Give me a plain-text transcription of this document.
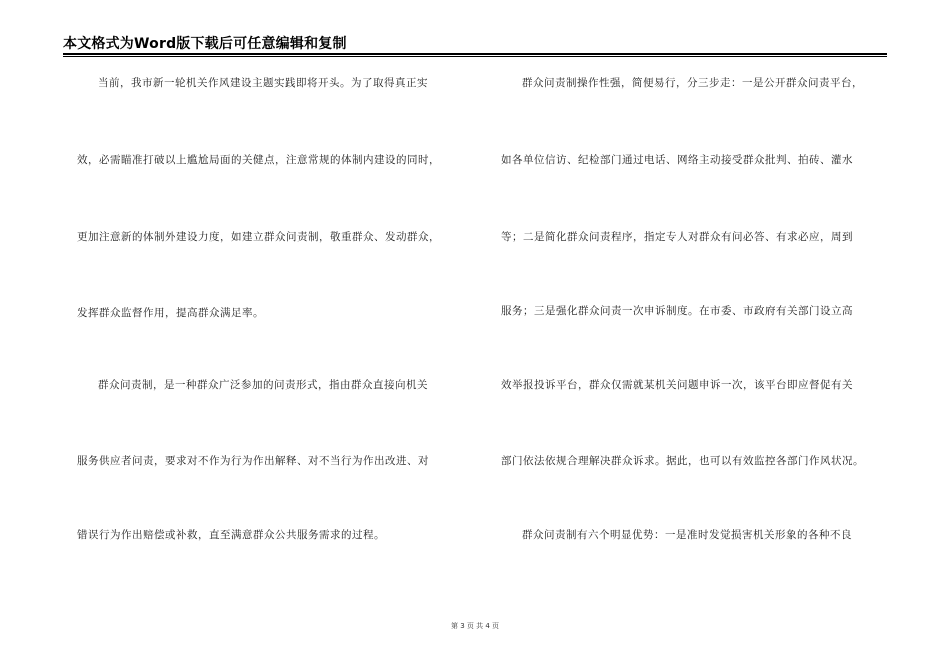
本文格式为Word版下载后可任意编辑和复制
当前，我市新一轮机关作风建设主题实践即将开头。为了取得真正实
效，必需瞄准打破以上尴尬局面的关健点，注意常规的体制内建设的同时，
更加注意新的体制外建设力度，如建立群众问责制，敬重群众、发动群众，
发挥群众监督作用，提高群众满足率。
群众问责制，是一种群众广泛参加的问责形式，指由群众直接向机关
服务供应者问责，要求对不作为行为作出解释、对不当行为作出改进、对
错误行为作出赔偿或补救，直至满意群众公共服务需求的过程。
群众问责制操作性强，简便易行，分三步走：一是公开群众问责平台，
如各单位信访、纪检部门通过电话、网络主动接受群众批判、拍砖、灌水
等；二是简化群众问责程序，指定专人对群众有问必答、有求必应，周到
服务；三是强化群众问责一次申诉制度。在市委、市政府有关部门设立高
效举报投诉平台，群众仅需就某机关问题申诉一次，该平台即应督促有关
部门依法依规合理解决群众诉求。据此，也可以有效监控各部门作风状况。
群众问责制有六个明显优势：一是准时发觉损害机关形象的各种不良
第 3 页 共 4 页
